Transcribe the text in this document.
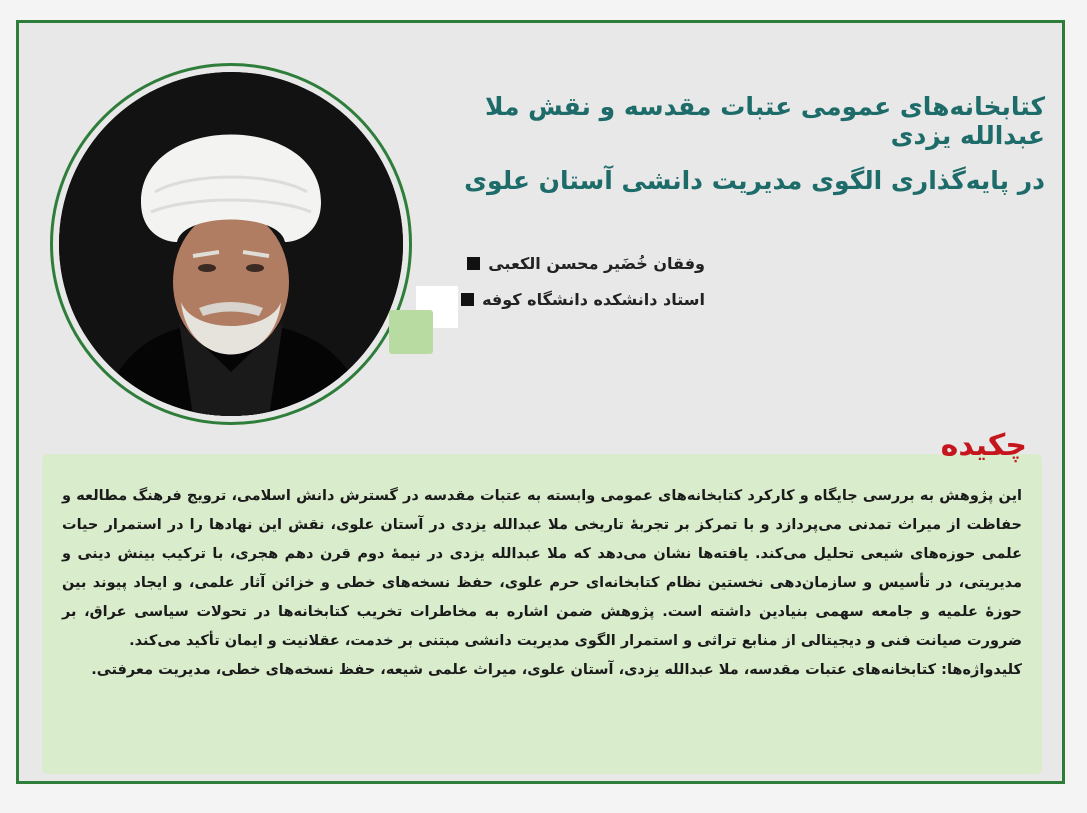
کتابخانه‌های عمومی عتبات مقدسه و نقش ملا عبدالله یزدی
در پایه‌گذاری الگوی مدیریت دانشی آستان علوی

وفقان خُضَیر محسن الکعبی

استاد دانشکده دانشگاه کوفه

این پژوهش به بررسی جایگاه و کارکرد کتابخانه‌های عمومی وابسته به عتبات مقدسه در گسترش دانش اسلامی، ترویج فرهنگ مطالعه و حفاظت از میراث تمدنی می‌پردازد و با تمرکز بر تجربهٔ تاریخی ملا عبدالله یزدی در آستان علوی، نقش این نهادها را در استمرار حیات علمی حوزه‌های شیعی تحلیل می‌کند. یافته‌ها نشان می‌دهد که ملا عبدالله یزدی در نیمهٔ دوم قرن دهم هجری، با ترکیب بینش دینی و مدیریتی، در تأسیس و سازمان‌دهی نخستین نظام کتابخانه‌ای حرم علوی، حفظ نسخه‌های خطی و خزائن آثار علمی، و ایجاد پیوند بین حوزهٔ علمیه و جامعه سهمی بنیادین داشته است. پژوهش ضمن اشاره به مخاطرات تخریب کتابخانه‌ها در تحولات سیاسی عراق، بر ضرورت صیانت فنی و دیجیتالی از منابع تراثی و استمرار الگوی مدیریت دانشی مبتنی بر خدمت، عقلانیت و ایمان تأکید می‌کند.

کلیدواژه‌ها: کتابخانه‌های عتبات مقدسه، ملا عبدالله یزدی، آستان علوی، میراث علمی شیعه، حفظ نسخه‌های خطی، مدیریت معرفتی.

چکیده
